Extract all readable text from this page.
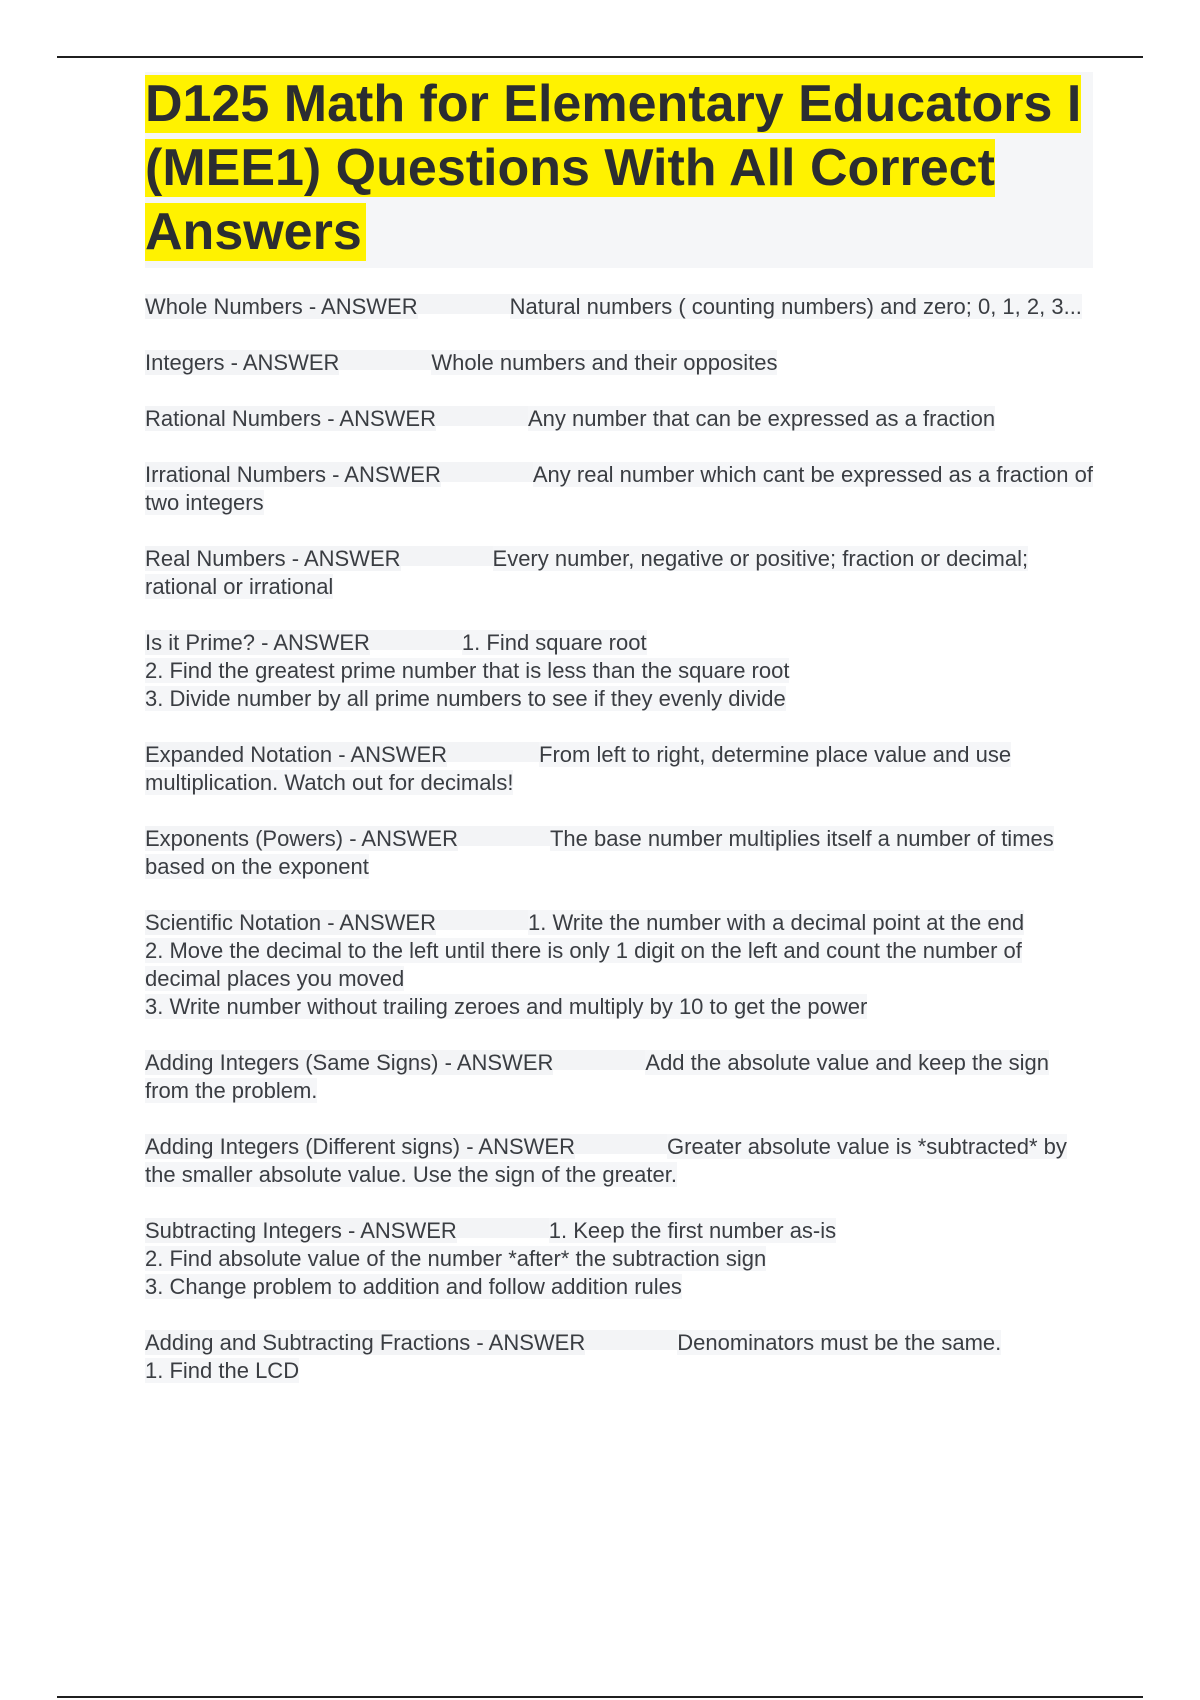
D125 Math for Elementary Educators I (MEE1) Questions With All Correct Answers

Whole Numbers - ANSWER	Natural numbers ( counting numbers) and zero; 0, 1, 2, 3...

Integers - ANSWER	Whole numbers and their opposites

Rational Numbers - ANSWER	Any number that can be expressed as a fraction

Irrational Numbers - ANSWER	Any real number which cant be expressed as a fraction of two integers

Real Numbers - ANSWER	Every number, negative or positive; fraction or decimal; rational or irrational

Is it Prime? - ANSWER	1. Find square root
2. Find the greatest prime number that is less than the square root
3. Divide number by all prime numbers to see if they evenly divide

Expanded Notation - ANSWER	From left to right, determine place value and use multiplication. Watch out for decimals!

Exponents (Powers) - ANSWER	The base number multiplies itself a number of times based on the exponent

Scientific Notation - ANSWER	1. Write the number with a decimal point at the end
2. Move the decimal to the left until there is only 1 digit on the left and count the number of decimal places you moved
3. Write number without trailing zeroes and multiply by 10 to get the power

Adding Integers (Same Signs) - ANSWER	Add the absolute value and keep the sign from the problem.

Adding Integers (Different signs) - ANSWER	Greater absolute value is *subtracted* by the smaller absolute value. Use the sign of the greater.

Subtracting Integers - ANSWER	1. Keep the first number as-is
2. Find absolute value of the number *after* the subtraction sign
3. Change problem to addition and follow addition rules

Adding and Subtracting Fractions - ANSWER	Denominators must be the same.
1. Find the LCD
